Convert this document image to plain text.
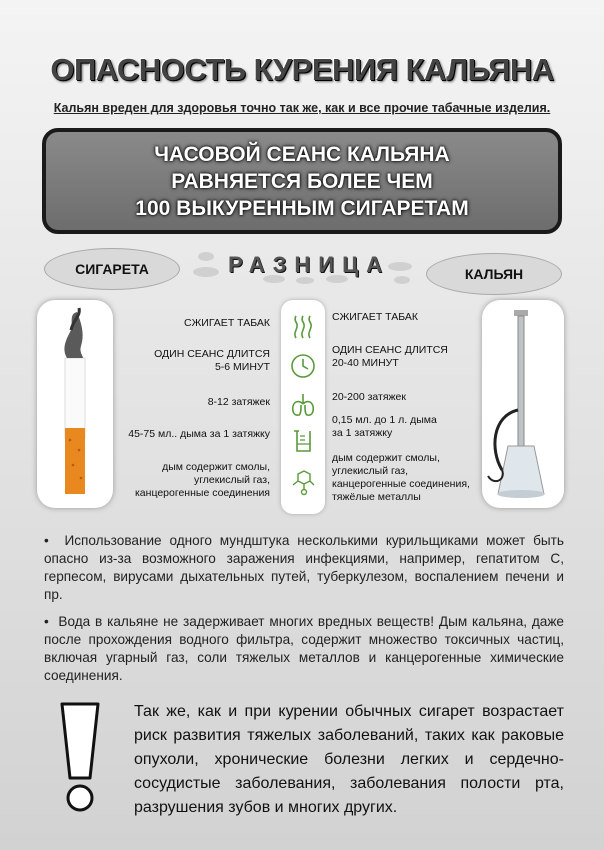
ОПАСНОСТЬ КУРЕНИЯ КАЛЬЯНА
Кальян вреден для здоровья точно так же, как и все прочие табачные изделия.
ЧАСОВОЙ СЕАНС КАЛЬЯНА
РАВНЯЕТСЯ БОЛЕЕ ЧЕМ
100 ВЫКУРЕННЫМ СИГАРЕТАМ
СИГАРЕТА	РАЗНИЦА	КАЛЬЯН
СЖИГАЕТ ТАБАК
ОДИН СЕАНС ДЛИТСЯ
5-6 МИНУТ
8-12 затяжек
45-75 мл.. дыма за 1 затяжку
дым содержит смолы,
углекислый газ,
канцерогенные соединения
СЖИГАЕТ ТАБАК
ОДИН СЕАНС ДЛИТСЯ
20-40 МИНУТ
20-200 затяжек
0,15 мл. до 1 л. дыма
за 1 затяжку
дым содержит смолы,
углекислый газ,
канцерогенные соединения,
тяжёлые металлы
•  Использование одного мундштука несколькими курильщиками может быть опасно из-за возможного заражения инфекциями, например, гепатитом С, герпесом, вирусами дыхательных путей, туберкулезом, воспалением печени и пр.
•  Вода в кальяне не задерживает многих вредных веществ! Дым кальяна, даже после прохождения водного фильтра, содержит множество токсичных частиц, включая угарный газ, соли тяжелых металлов и канцерогенные химические соединения.
Так же, как и при курении обычных сигарет возрастает риск развития тяжелых заболеваний, таких как раковые опухоли, хронические болезни легких и сердечно-сосудистые заболевания, заболевания полости рта, разрушения зубов и многих других.
